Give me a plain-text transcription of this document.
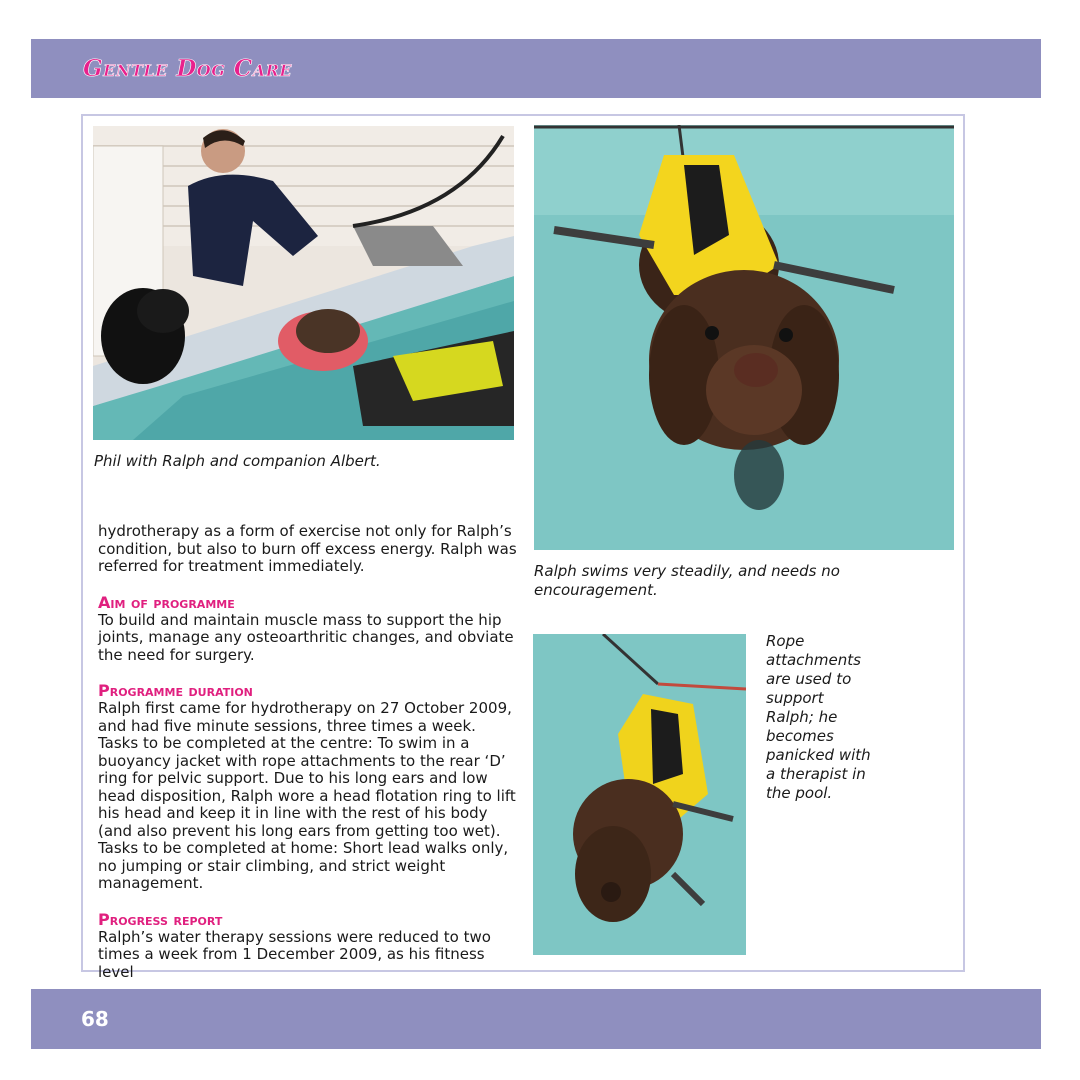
Gentle Dog Care
Phil with Ralph and companion Albert.
Ralph swims very steadily, and needs no encouragement.
Rope attachments are used to support Ralph; he becomes panicked with a therapist in the pool.

hydrotherapy as a form of exercise not only for Ralph’s condition, but also to burn off excess energy. Ralph was referred for treatment immediately.

Aim of programme

To build and maintain muscle mass to support the hip joints, manage any osteoarthritic changes, and obviate the need for surgery.

Programme duration

Ralph first came for hydrotherapy on 27 October 2009, and had five minute sessions, three times a week.

Tasks to be completed at the centre: To swim in a buoyancy jacket with rope attachments to the rear ‘D’ ring for pelvic support. Due to his long ears and low head disposition, Ralph wore a head flotation ring to lift his head and keep it in line with the rest of his body (and also prevent his long ears from getting too wet).

Tasks to be completed at home: Short lead walks only, no jumping or stair climbing, and strict weight management.

Progress report

Ralph’s water therapy sessions were reduced to two times a week from 1 December 2009, as his fitness level

68
